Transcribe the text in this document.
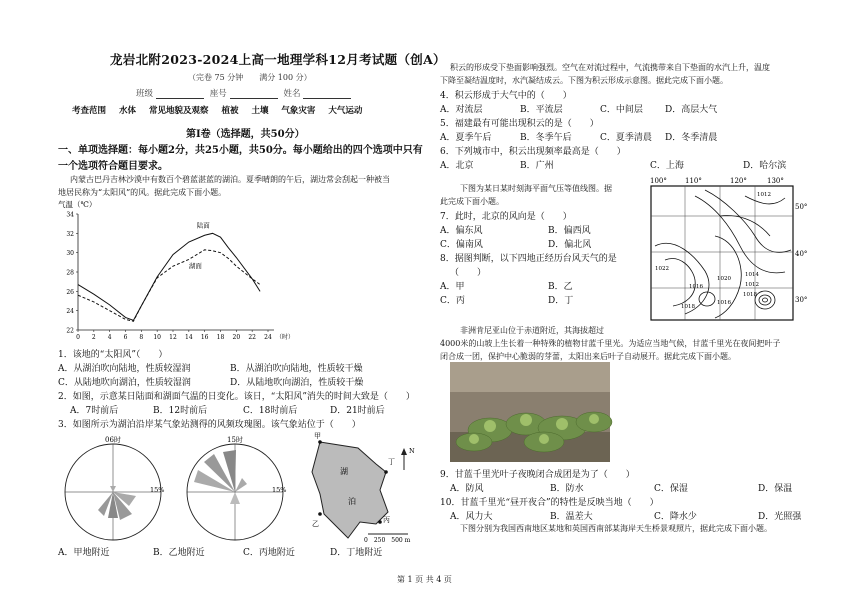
龙岩北附2023-2024上高一地理学科12月考试题（创A）
（完卷 75 分钟　　满分 100 分）
班级	座号	姓名
考查范围 水体 常见地貌及观察 植被 土壤 气象灾害 大气运动
第Ⅰ卷（选择题，共50分）
一、单项选择题：每小题2分，共25小题，共50分。每小题给出的四个选项中只有
一个选项符合题目要求。
内蒙古巴丹吉林沙漠中有数百个碧蓝湛蓝的湖泊。夏季晴朗的午后，湖边常会刮起一种被当
地居民称为“太阳风”的风。据此完成下面小题。
气温（℃）
22
24
26
28
30
32
34
0 2 4 6 8 10 12 14 16 18 20 22 24 （时）
陆面
湖面
1．该地的“太阳风”（　　）
A．从湖泊吹向陆地，性质较湿润	B．从湖泊吹向陆地，性质较干燥
C．从陆地吹向湖泊，性质较湿润	D．从陆地吹向湖泊，性质较干燥
2．如图，示意某日陆面和湖面气温的日变化。该日，“太阳风”消失的时间大致是（　　）
A．7时前后	B．12时前后	C．18时前后	D．21时前后
3．如图所示为湖泊沿岸某气象站测得的风频玫瑰图。该气象站位于（　　）
06时
15%
15时
15%
甲
乙	丙
丁
湖
泊
N
0　250　500 m
A．甲地附近	B．乙地附近	C．丙地附近	D．丁地附近
积云的形成受下垫面影响强烈。空气在对流过程中，气流携带来自下垫面的水汽上升，温度
下降至凝结温度时，水汽凝结成云。下图为积云形成示意图。据此完成下面小题。
4．积云形成于大气中的（　　）
A．对流层	B．平流层	C．中间层 D．高层大气
5．福建最有可能出现积云的是（　　）
A．夏季午后	B．冬季午后	C．夏季清晨 D．冬季清晨
6．下列城市中，积云出现频率最高是（　　）
A．北京	B．广州	C．上海	D．哈尔滨
下图为某日某时刻海平面气压等值线图。据
此完成下面小题。
7．此时，北京的风向是（　　）
A．偏东风	B．偏西风
C．偏南风	D．偏北风
8．据图判断，以下四地正经历台风天气的是
（　　）
A．甲	B．乙
C．丙	D．丁
100°	110°	120°	130°
50°
40°
30°
1012
1022
1016
1018
1020
1014
1012
1018
1016
非洲肯尼亚山位于赤道附近，其海拔超过
4000米的山坡上生长着一种特殊的植物甘蓝千里光。为适应当地气候，甘蓝千里光在夜间把叶子
闭合成一团，保护中心脆弱的芽蕾，太阳出来后叶子自动展开。据此完成下面小题。
9．甘蓝千里光叶子夜晚闭合成团是为了（　　）
A．防风	B．防水	C．保湿	D．保温
10．甘蓝千里光“昼开夜合”的特性是反映当地（　　）
A．风力大	B．温差大	C．降水少	D．光照强
下图分别为我国西南地区某地和英国西南部某海岸天生桥景观照片，据此完成下面小题。
第 1 页 共 4 页
